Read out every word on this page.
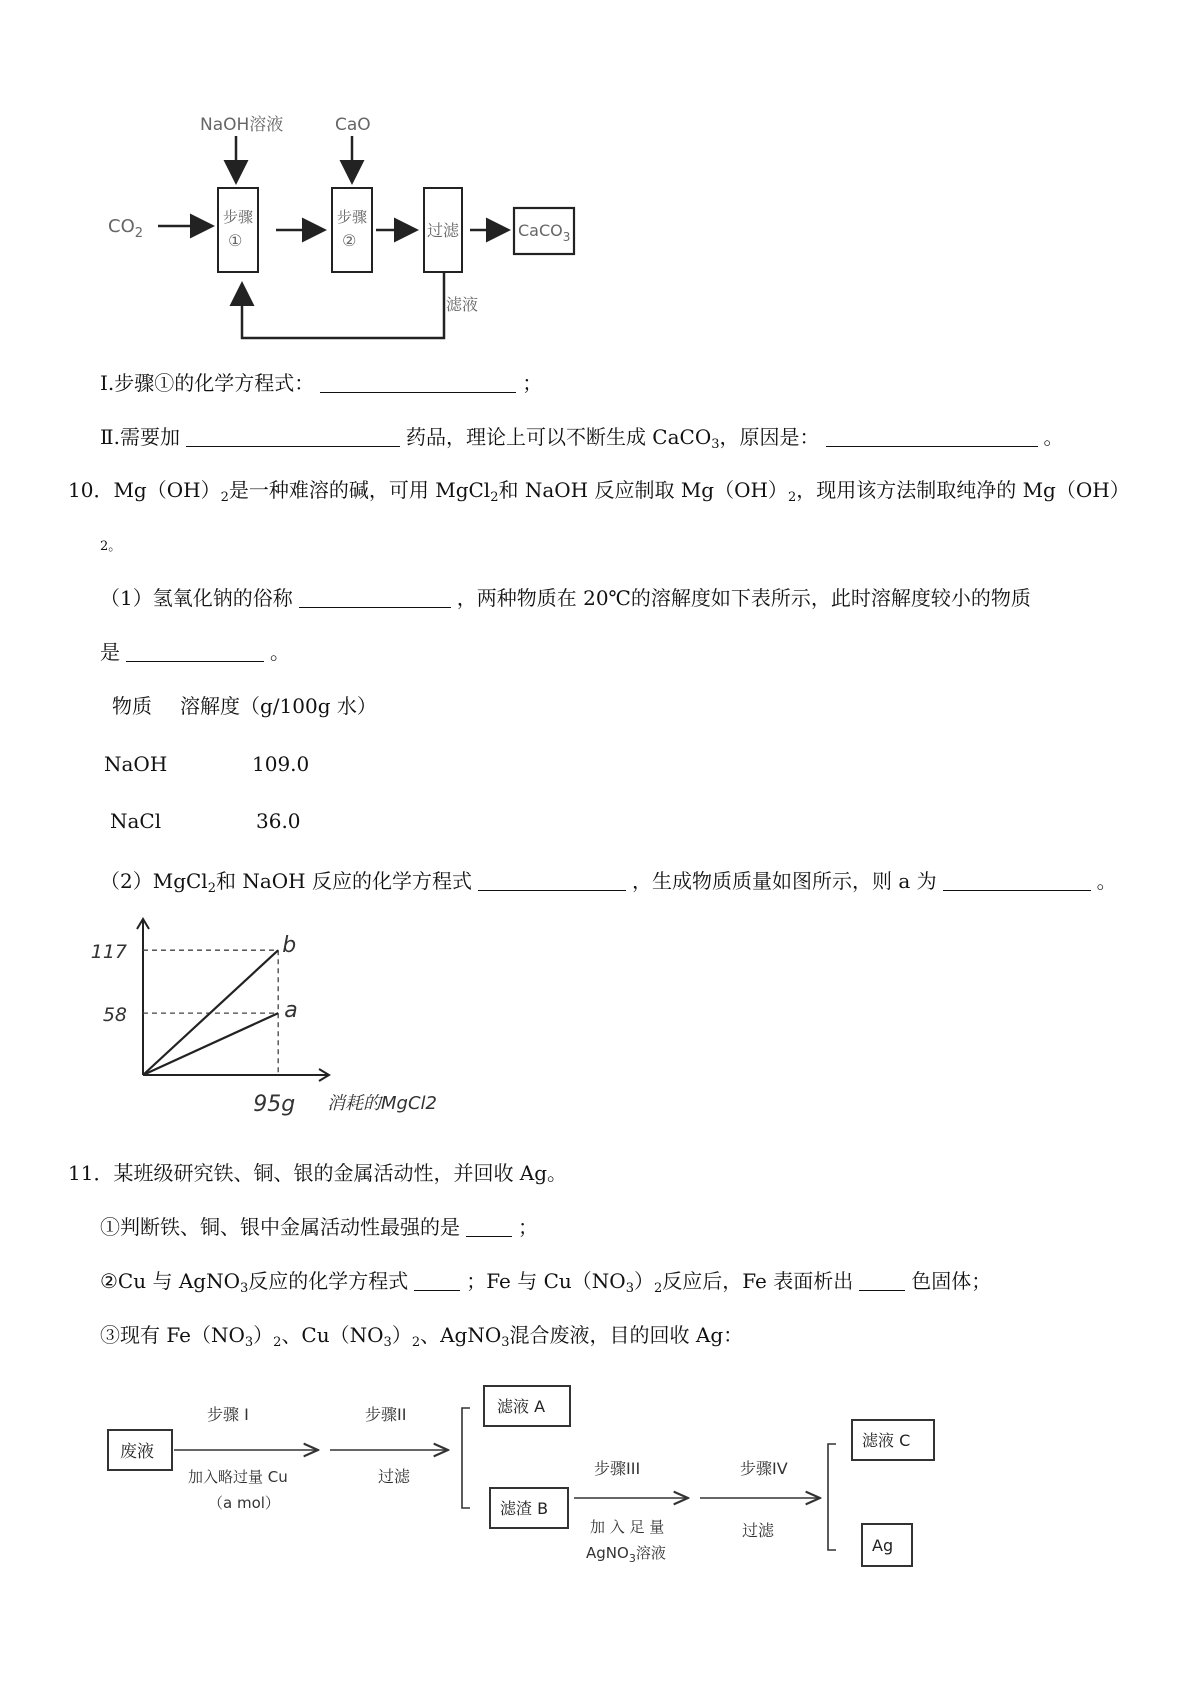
NaOH溶液	CaO
$CO_2$
步骤
①
步骤
②
过滤	CaCO$_3$
滤液
Ⅰ.步骤①的化学方程式：	；
Ⅱ.需要加	药品，理论上可以不断生成 CaCO$_3$，原因是：	。
10．$Mg(OH)_2$是一种难溶的碱，可用 MgCl$_2$和 NaOH 反应制取 $Mg(OH)_2$，现用该方法制取纯净的 Mg（OH）
2。
（1）氢氧化钠的俗称	，两种物质在 20℃的溶解度如下表所示，此时溶解度较小的物质
是	。
物质 溶解度（g/100g 水）
NaOH	109.0
NaCl	36.0
（2）MgCl$_2$和 NaOH 反应的化学方程式	，生成物质质量如图所示，则 a 为	。
b
a
117
58
95g 消耗的MgCl2
11．某班级研究铁、铜、银的金属活动性，并回收 Ag。
①判断铁、铜、银中金属活动性最强的是	；
②Cu 与 AgNO$_3$反应的化学方程式	；Fe 与 $Cu(NO_3)_2$反应后，Fe 表面析出	色固体；
③现有 $Fe(NO_3)_2$、$Cu(NO_3)_2$、AgNO$_3$混合废液，目的回收 Ag：
废液
步骤 I
加入略过量 Cu
（a mol）
步骤II
过滤
滤液 A
滤渣 B
步骤III
加 入 足 量
AgNO$_3$溶液
步骤IV
过滤
滤液 C
Ag
